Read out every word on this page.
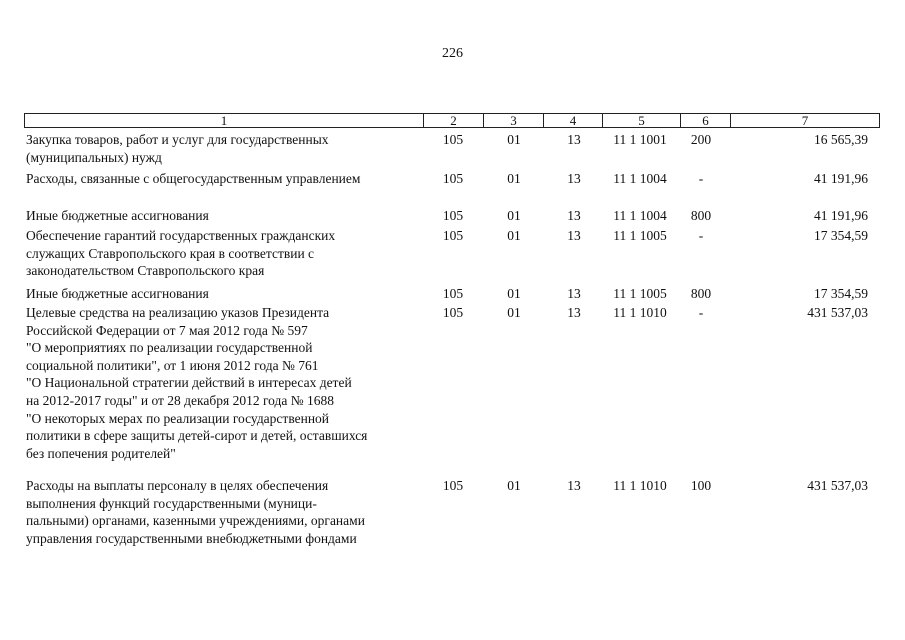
226
1	2	3	4	5	6	7
Закупка товаров, работ и услуг для государственных
(муниципальных) нужд
105	01	13	11 1 1001	200	16 565,39
Расходы, связанные с общегосударственным управлением	105	01	13	11 1 1004	-	41 191,96
Иные бюджетные ассигнования	105	01	13	11 1 1004	800	41 191,96
Обеспечение гарантий государственных гражданских
служащих Ставропольского края в соответствии с
законодательством Ставропольского края
105	01	13	11 1 1005	-	17 354,59
Иные бюджетные ассигнования	105	01	13	11 1 1005	800	17 354,59
Целевые средства на реализацию указов Президента
Российской Федерации от 7 мая 2012 года № 597
"О мероприятиях по реализации государственной
социальной политики", от 1 июня 2012 года № 761
"О Национальной стратегии действий в интересах детей
на 2012-2017 годы" и от 28 декабря 2012 года № 1688
"О некоторых мерах по реализации государственной
политики в сфере защиты детей-сирот и детей, оставшихся
без попечения родителей"
105	01	13	11 1 1010	-	431 537,03
Расходы на выплаты персоналу в целях обеспечения
выполнения функций государственными (муници-
пальными) органами, казенными учреждениями, органами
управления государственными внебюджетными фондами
105	01	13	11 1 1010	100	431 537,03
